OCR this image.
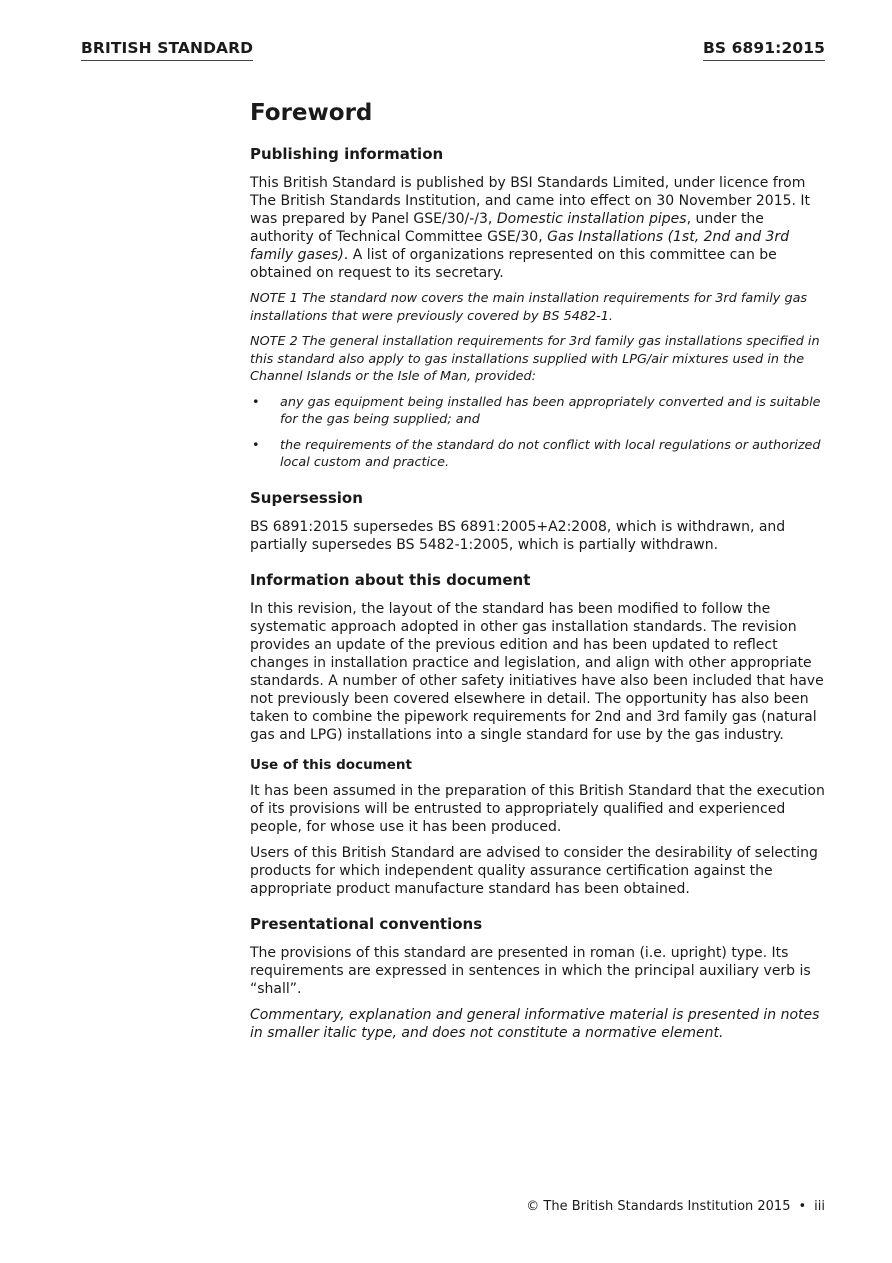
BRITISH STANDARD	BS 6891:2015
Foreword
Publishing information

This British Standard is published by BSI Standards Limited, under licence from The British Standards Institution, and came into effect on 30 November 2015. It was prepared by Panel GSE/30/-/3, Domestic installation pipes, under the authority of Technical Committee GSE/30, Gas Installations (1st, 2nd and 3rd family gases). A list of organizations represented on this committee can be obtained on request to its secretary.

NOTE 1 The standard now covers the main installation requirements for 3rd family gas installations that were previously covered by BS 5482-1.

NOTE 2 The general installation requirements for 3rd family gas installations specified in this standard also apply to gas installations supplied with LPG/air mixtures used in the Channel Islands or the Isle of Man, provided:

• any gas equipment being installed has been appropriately converted and is suitable for the gas being supplied; and
• the requirements of the standard do not conflict with local regulations or authorized local custom and practice.
Supersession

BS 6891:2015 supersedes BS 6891:2005+A2:2008, which is withdrawn, and partially supersedes BS 5482-1:2005, which is partially withdrawn.

Information about this document

In this revision, the layout of the standard has been modified to follow the systematic approach adopted in other gas installation standards. The revision provides an update of the previous edition and has been updated to reflect changes in installation practice and legislation, and align with other appropriate standards. A number of other safety initiatives have also been included that have not previously been covered elsewhere in detail. The opportunity has also been taken to combine the pipework requirements for 2nd and 3rd family gas (natural gas and LPG) installations into a single standard for use by the gas industry.

Use of this document

It has been assumed in the preparation of this British Standard that the execution of its provisions will be entrusted to appropriately qualified and experienced people, for whose use it has been produced.

Users of this British Standard are advised to consider the desirability of selecting products for which independent quality assurance certification against the appropriate product manufacture standard has been obtained.

Presentational conventions

The provisions of this standard are presented in roman (i.e. upright) type. Its requirements are expressed in sentences in which the principal auxiliary verb is “shall”.

Commentary, explanation and general informative material is presented in notes in smaller italic type, and does not constitute a normative element.

© The British Standards Institution 2015 • iii
